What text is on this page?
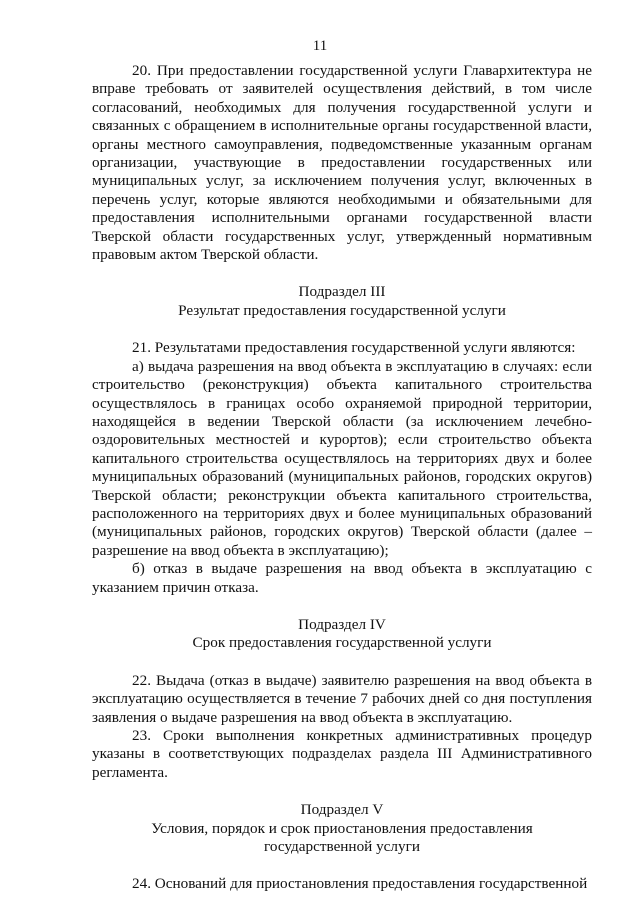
11

20. При предоставлении государственной услуги Главархитектура не вправе требовать от заявителей осуществления действий, в том числе согласований, необходимых для получения государственной услуги и связанных с обращением в исполнительные органы государственной власти, органы местного самоуправления, подведомственные указанным органам организации, участвующие в предоставлении государственных или муниципальных услуг, за исключением получения услуг, включенных в перечень услуг, которые являются необходимыми и обязательными для предоставления исполнительными органами государственной власти Тверской области государственных услуг, утвержденный нормативным правовым актом Тверской области.

Подраздел III

Результат предоставления государственной услуги

21. Результатами предоставления государственной услуги являются:

а) выдача разрешения на ввод объекта в эксплуатацию в случаях: если строительство (реконструкция) объекта капитального строительства осуществлялось в границах особо охраняемой природной территории, находящейся в ведении Тверской области (за исключением лечебно-оздоровительных местностей и курортов); если строительство объекта капитального строительства осуществлялось на территориях двух и более муниципальных образований (муниципальных районов, городских округов) Тверской области; реконструкции объекта капитального строительства, расположенного на территориях двух и более муниципальных образований (муниципальных районов, городских округов) Тверской области (далее – разрешение на ввод объекта в эксплуатацию);

б) отказ в выдаче разрешения на ввод объекта в эксплуатацию с указанием причин отказа.

Подраздел IV

Срок предоставления государственной услуги

22. Выдача (отказ в выдаче) заявителю разрешения на ввод объекта в эксплуатацию осуществляется в течение 7 рабочих дней со дня поступления заявления о выдаче разрешения на ввод объекта в эксплуатацию.

23. Сроки выполнения конкретных административных процедур указаны в соответствующих подразделах раздела III Административного регламента.

Подраздел V

Условия, порядок и срок приостановления предоставления

государственной услуги

24. Оснований для приостановления предоставления государственной
